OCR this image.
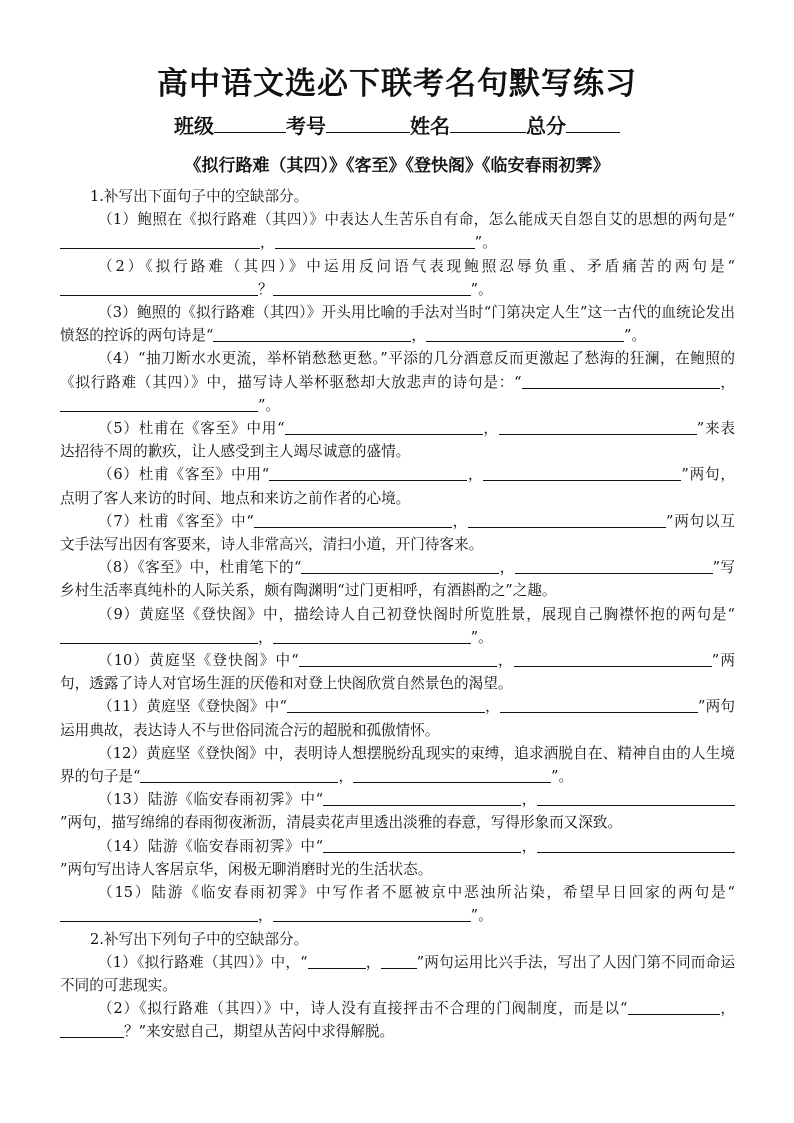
高中语文选必下联考名句默写练习
班级	考号	姓名	总分
《拟行路难（其四）》《客至》《登快阁》《临安春雨初霁》

1.补写出下面句子中的空缺部分。

（1）鲍照在《拟行路难（其四）》中表达人生苦乐自有命，怎么能成天自怨自艾的思想的两句是“，	”。

（2）《拟行路难（其四）》中运用反问语气表现鲍照忍辱负重、矛盾痛苦的两句是“？	”。

（3）鲍照的《拟行路难（其四）》开头用比喻的手法对当时“门第决定人生”这一古代的血统论发出愤怒的控诉的两句诗是“	，	”。

（4）“抽刀断水水更流，举杯销愁愁更愁。”平添的几分酒意反而更激起了愁海的狂澜，在鲍照的《拟行路难（其四）》中，描写诗人举杯驱愁却大放悲声的诗句是：“	，”。

（5）杜甫在《客至》中用“	，	”来表达招待不周的歉疚，让人感受到主人竭尽诚意的盛情。

（6）杜甫《客至》中用“	，	”两句，点明了客人来访的时间、地点和来访之前作者的心境。

（7）杜甫《客至》中“	，	”两句以互文手法写出因有客要来，诗人非常高兴，清扫小道，开门待客来。

（8）《客至》中，杜甫笔下的“	，	”写乡村生活率真纯朴的人际关系，颇有陶渊明“过门更相呼，有酒斟酌之”之趣。

（9）黄庭坚《登快阁》中，描绘诗人自己初登快阁时所览胜景，展现自己胸襟怀抱的两句是“，	”。

（10）黄庭坚《登快阁》中“	，	”两句，透露了诗人对官场生涯的厌倦和对登上快阁欣赏自然景色的渴望。

（11）黄庭坚《登快阁》中“	，	”两句运用典故，表达诗人不与世俗同流合污的超脱和孤傲情怀。

（12）黄庭坚《登快阁》中，表明诗人想摆脱纷乱现实的束缚，追求洒脱自在、精神自由的人生境界的句子是“	，	”。

（13）陆游《临安春雨初霁》中“	，”两句，描写绵绵的春雨彻夜淅沥，清晨卖花声里透出淡雅的春意，写得形象而又深致。

（14）陆游《临安春雨初霁》中“	，”两句写出诗人客居京华，闲极无聊消磨时光的生活状态。

（15）陆游《临安春雨初霁》中写作者不愿被京中恶浊所沾染，希望早日回家的两句是“，	”。

2.补写出下列句子中的空缺部分。

（1）《拟行路难（其四）》中，“	， ”两句运用比兴手法，写出了人因门第不同而命运不同的可悲现实。

（2）《拟行路难（其四）》中，诗人没有直接抨击不合理的门阀制度，而是以“	，？”来安慰自己，期望从苦闷中求得解脱。
